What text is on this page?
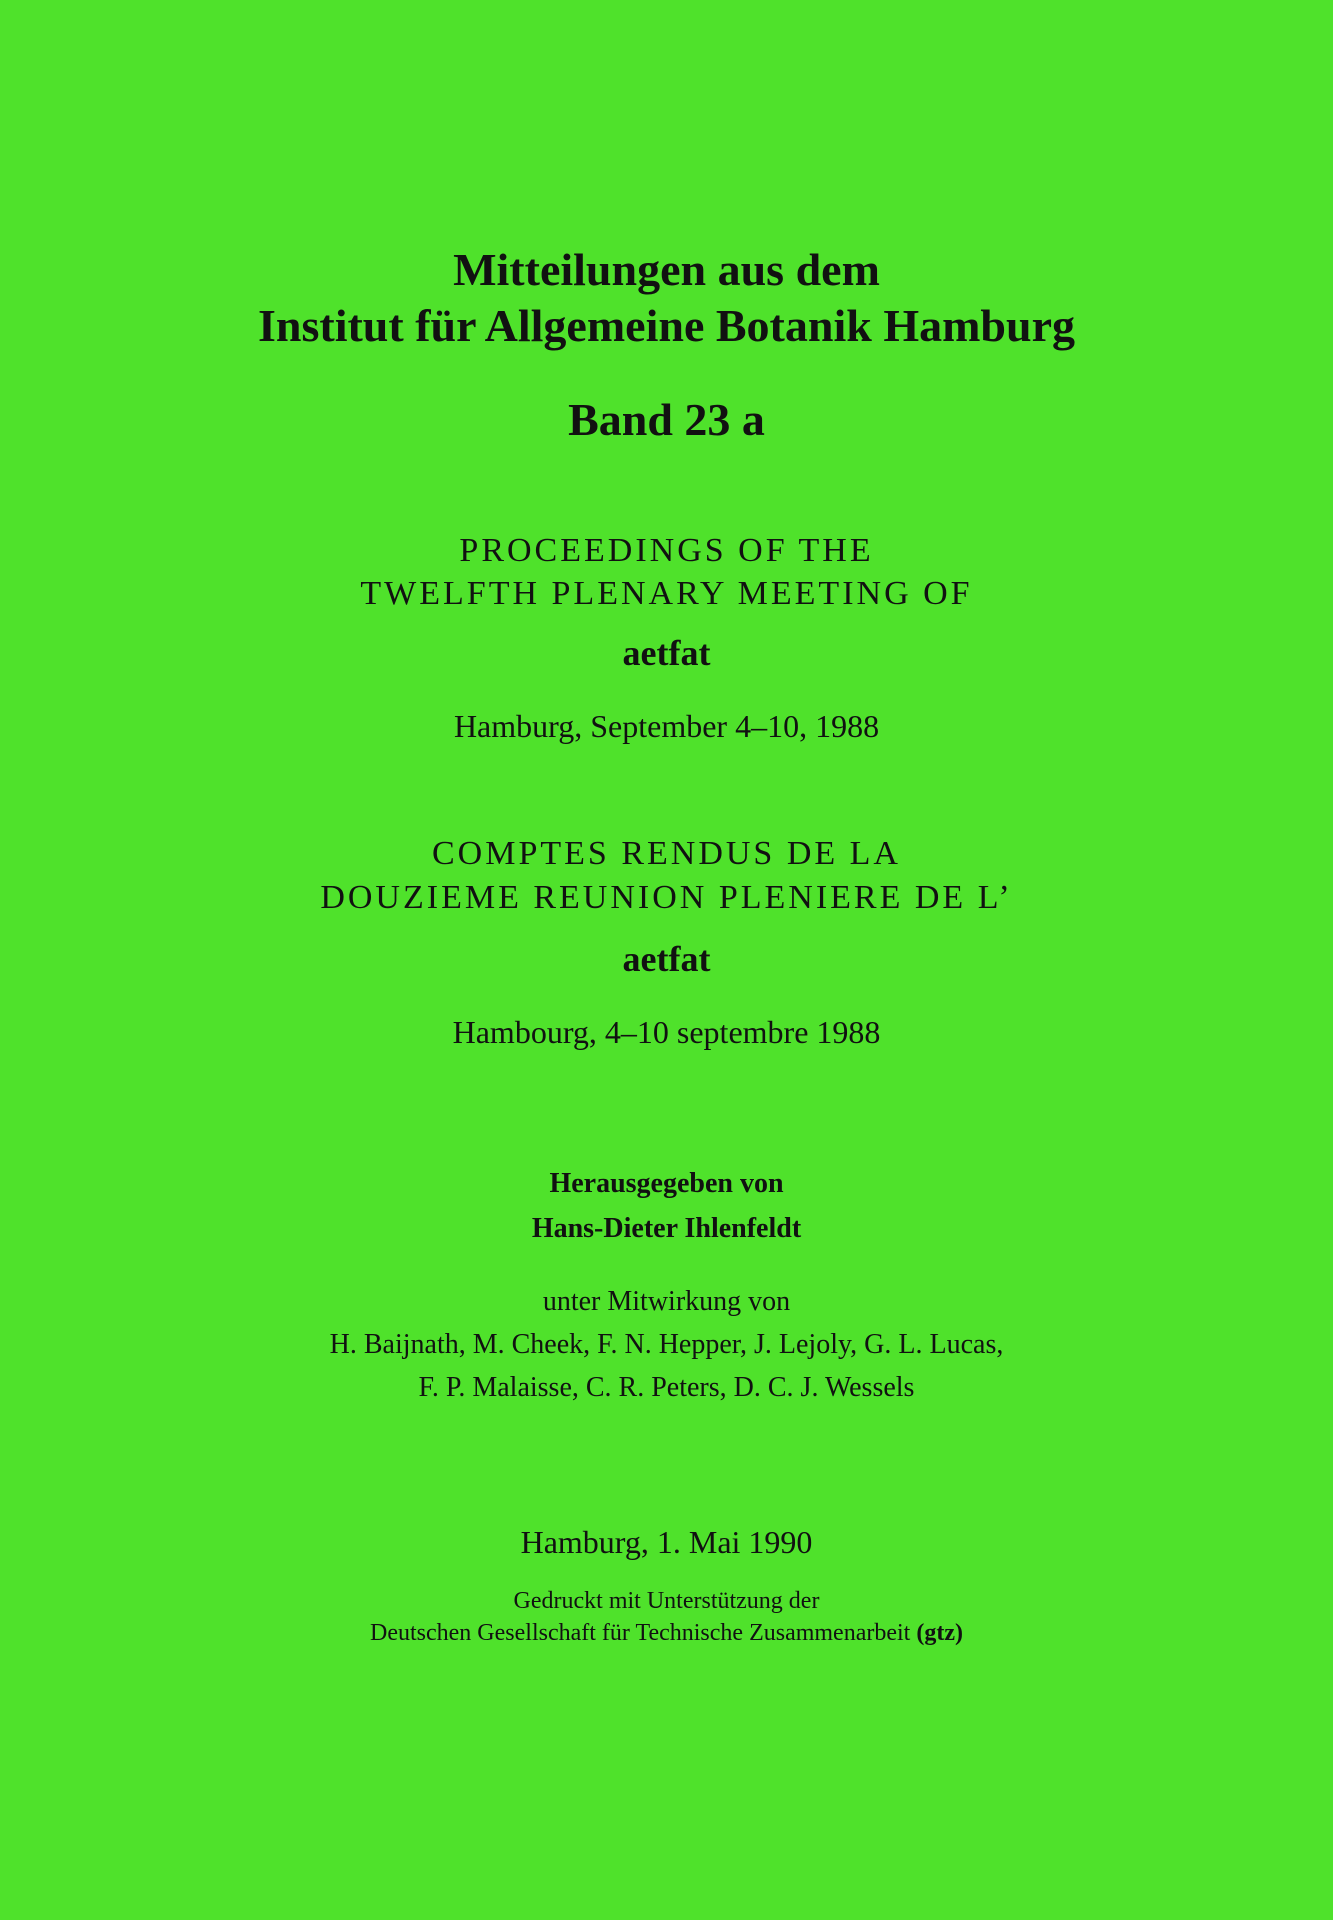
Mitteilungen aus dem

Institut für Allgemeine Botanik Hamburg

Band 23 a

PROCEEDINGS OF THE

TWELFTH PLENARY MEETING OF

aetfat

Hamburg, September 4–10, 1988

COMPTES RENDUS DE LA

DOUZIEME REUNION PLENIERE DE L’

aetfat

Hambourg, 4–10 septembre 1988

Herausgegeben von

Hans-Dieter Ihlenfeldt

unter Mitwirkung von

H. Baijnath, M. Cheek, F. N. Hepper, J. Lejoly, G. L. Lucas,

F. P. Malaisse, C. R. Peters, D. C. J. Wessels

Hamburg, 1. Mai 1990

Gedruckt mit Unterstützung der

Deutschen Gesellschaft für Technische Zusammenarbeit (gtz)
